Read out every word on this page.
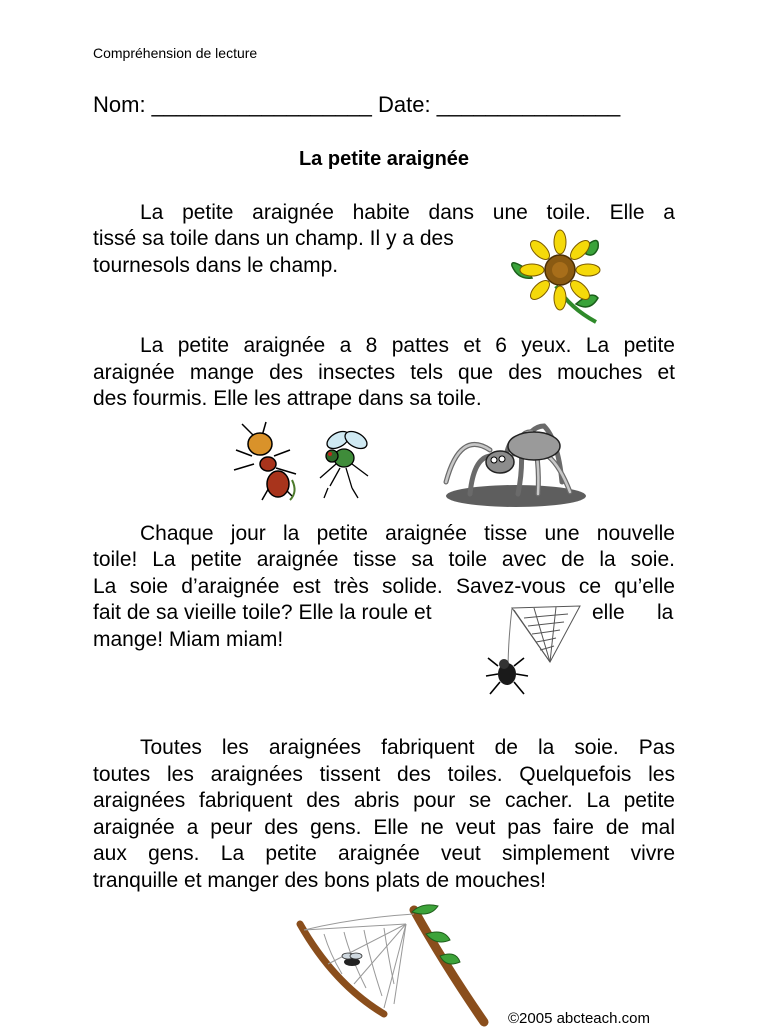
Compréhension de lecture
Nom: __________________ Date: _______________
La petite araignée
La petite araignée habite dans une toile. Elle a
tissé sa toile dans un champ. Il y a des
tournesols dans le champ.
La petite araignée a 8 pattes et 6 yeux. La petite
araignée mange des insectes tels que des mouches et
des fourmis. Elle les attrape dans sa toile.
Chaque jour la petite araignée tisse une nouvelle
toile! La petite araignée tisse sa toile avec de la soie.
La soie d’araignée est très solide. Savez-vous ce qu’elle
fait de sa vieille toile? Elle la roule et	elle la
mange! Miam miam!
Toutes les araignées fabriquent de la soie. Pas
toutes les araignées tissent des toiles. Quelquefois les
araignées fabriquent des abris pour se cacher. La petite
araignée a peur des gens. Elle ne veut pas faire de mal
aux gens. La petite araignée veut simplement vivre
tranquille et manger des bons plats de mouches!
©2005 abcteach.com
